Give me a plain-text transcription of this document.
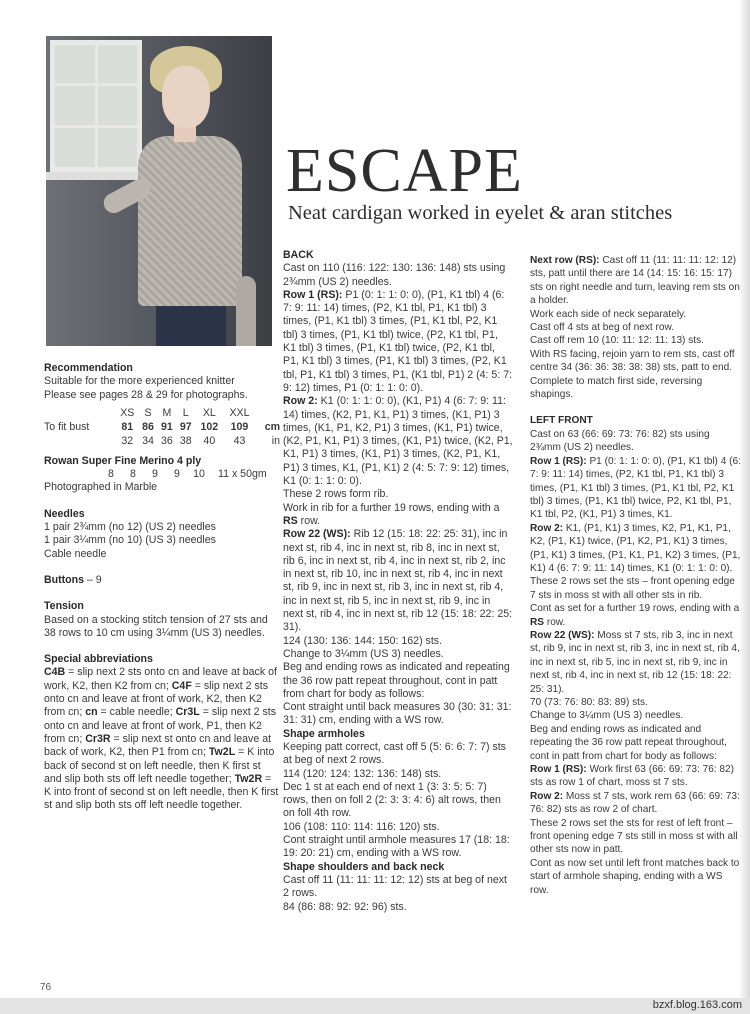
ESCAPE

Neat cardigan worked in eyelet & aran stitches

Recommendation
Suitable for the more experienced knitter
Please see pages 28 & 29 for photographs.
	XS	S	M	L	XL	XXL	
To fit bust	81	86	91	97	102	109	cm
	32	34	36	38	40	43	in
Rowan Super Fine Merino 4 ply
8	8	9	9	10	11 x 50gm
Photographed in Marble
Needles
1 pair 2¾mm (no 12) (US 2) needles
1 pair 3¼mm (no 10) (US 3) needles
Cable needle
Buttons – 9
Tension
Based on a stocking stitch tension of 27 sts and 38 rows to 10 cm using 3¼mm (US 3) needles.
Special abbreviations
C4B = slip next 2 sts onto cn and leave at back of work, K2, then K2 from cn; C4F = slip next 2 sts onto cn and leave at front of work, K2, then K2 from cn; cn = cable needle; Cr3L = slip next 2 sts onto cn and leave at front of work, P1, then K2 from cn; Cr3R = slip next st onto cn and leave at back of work, K2, then P1 from cn; Tw2L = K into back of second st on left needle, then K first st and slip both sts off left needle together; Tw2R = K into front of second st on left needle, then K first st and slip both sts off left needle together.
BACK

Cast on 110 (116: 122: 130: 136: 148) sts using 2¾mm (US 2) needles.

Row 1 (RS): P1 (0: 1: 1: 0: 0), (P1, K1 tbl) 4 (6: 7: 9: 11: 14) times, (P2, K1 tbl, P1, K1 tbl) 3 times, (P1, K1 tbl) 3 times, (P1, K1 tbl, P2, K1 tbl) 3 times, (P1, K1 tbl) twice, (P2, K1 tbl, P1, K1 tbl) 3 times, (P1, K1 tbl) twice, (P2, K1 tbl, P1, K1 tbl) 3 times, (P1, K1 tbl) 3 times, (P2, K1 tbl, P1, K1 tbl) 3 times, P1, (K1 tbl, P1) 2 (4: 5: 7: 9: 12) times, P1 (0: 1: 1: 0: 0).

Row 2: K1 (0: 1: 1: 0: 0), (K1, P1) 4 (6: 7: 9: 11: 14) times, (K2, P1, K1, P1) 3 times, (K1, P1) 3 times, (K1, P1, K2, P1) 3 times, (K1, P1) twice, (K2, P1, K1, P1) 3 times, (K1, P1) twice, (K2, P1, K1, P1) 3 times, (K1, P1) 3 times, (K2, P1, K1, P1) 3 times, K1, (P1, K1) 2 (4: 5: 7: 9: 12) times, K1 (0: 1: 1: 0: 0).

These 2 rows form rib.

Work in rib for a further 19 rows, ending with a RS row.

Row 22 (WS): Rib 12 (15: 18: 22: 25: 31), inc in next st, rib 4, inc in next st, rib 8, inc in next st, rib 6, inc in next st, rib 4, inc in next st, rib 2, inc in next st, rib 10, inc in next st, rib 4, inc in next st, rib 9, inc in next st, rib 3, inc in next st, rib 4, inc in next st, rib 5, inc in next st, rib 9, inc in next st, rib 4, inc in next st, rib 12 (15: 18: 22: 25: 31).

124 (130: 136: 144: 150: 162) sts.

Change to 3¼mm (US 3) needles.

Beg and ending rows as indicated and repeating the 36 row patt repeat throughout, cont in patt from chart for body as follows:

Cont straight until back measures 30 (30: 31: 31: 31: 31) cm, ending with a WS row.

Shape armholes

Keeping patt correct, cast off 5 (5: 6: 6: 7: 7) sts at beg of next 2 rows.

114 (120: 124: 132: 136: 148) sts.

Dec 1 st at each end of next 1 (3: 3: 5: 5: 7) rows, then on foll 2 (2: 3: 3: 4: 6) alt rows, then on foll 4th row.

106 (108: 110: 114: 116: 120) sts.

Cont straight until armhole measures 17 (18: 18: 19: 20: 21) cm, ending with a WS row.

Shape shoulders and back neck

Cast off 11 (11: 11: 11: 12: 12) sts at beg of next 2 rows.

84 (86: 88: 92: 92: 96) sts.

Next row (RS): Cast off 11 (11: 11: 11: 12: 12) sts, patt until there are 14 (14: 15: 16: 15: 17) sts on right needle and turn, leaving rem sts on a holder.

Work each side of neck separately.

Cast off 4 sts at beg of next row.

Cast off rem 10 (10: 11: 12: 11: 13) sts.

With RS facing, rejoin yarn to rem sts, cast off centre 34 (36: 36: 38: 38: 38) sts, patt to end.

Complete to match first side, reversing shapings.

LEFT FRONT

Cast on 63 (66: 69: 73: 76: 82) sts using 2¾mm (US 2) needles.

Row 1 (RS): P1 (0: 1: 1: 0: 0), (P1, K1 tbl) 4 (6: 7: 9: 11: 14) times, (P2, K1 tbl, P1, K1 tbl) 3 times, (P1, K1 tbl) 3 times, (P1, K1 tbl, P2, K1 tbl) 3 times, (P1, K1 tbl) twice, P2, K1 tbl, P1, K1 tbl, P2, (K1, P1) 3 times, K1.

Row 2: K1, (P1, K1) 3 times, K2, P1, K1, P1, K2, (P1, K1) twice, (P1, K2, P1, K1) 3 times, (P1, K1) 3 times, (P1, K1, P1, K2) 3 times, (P1, K1) 4 (6: 7: 9: 11: 14) times, K1 (0: 1: 1: 0: 0).

These 2 rows set the sts – front opening edge 7 sts in moss st with all other sts in rib.

Cont as set for a further 19 rows, ending with a RS row.

Row 22 (WS): Moss st 7 sts, rib 3, inc in next st, rib 9, inc in next st, rib 3, inc in next st, rib 4, inc in next st, rib 5, inc in next st, rib 9, inc in next st, rib 4, inc in next st, rib 12 (15: 18: 22: 25: 31).

70 (73: 76: 80: 83: 89) sts.

Change to 3¼mm (US 3) needles.

Beg and ending rows as indicated and repeating the 36 row patt repeat throughout, cont in patt from chart for body as follows:

Row 1 (RS): Work first 63 (66: 69: 73: 76: 82) sts as row 1 of chart, moss st 7 sts.

Row 2: Moss st 7 sts, work rem 63 (66: 69: 73: 76: 82) sts as row 2 of chart.

These 2 rows set the sts for rest of left front – front opening edge 7 sts still in moss st with all other sts now in patt.

Cont as now set until left front matches back to start of armhole shaping, ending with a WS row.

76
bzxf.blog.163.com
